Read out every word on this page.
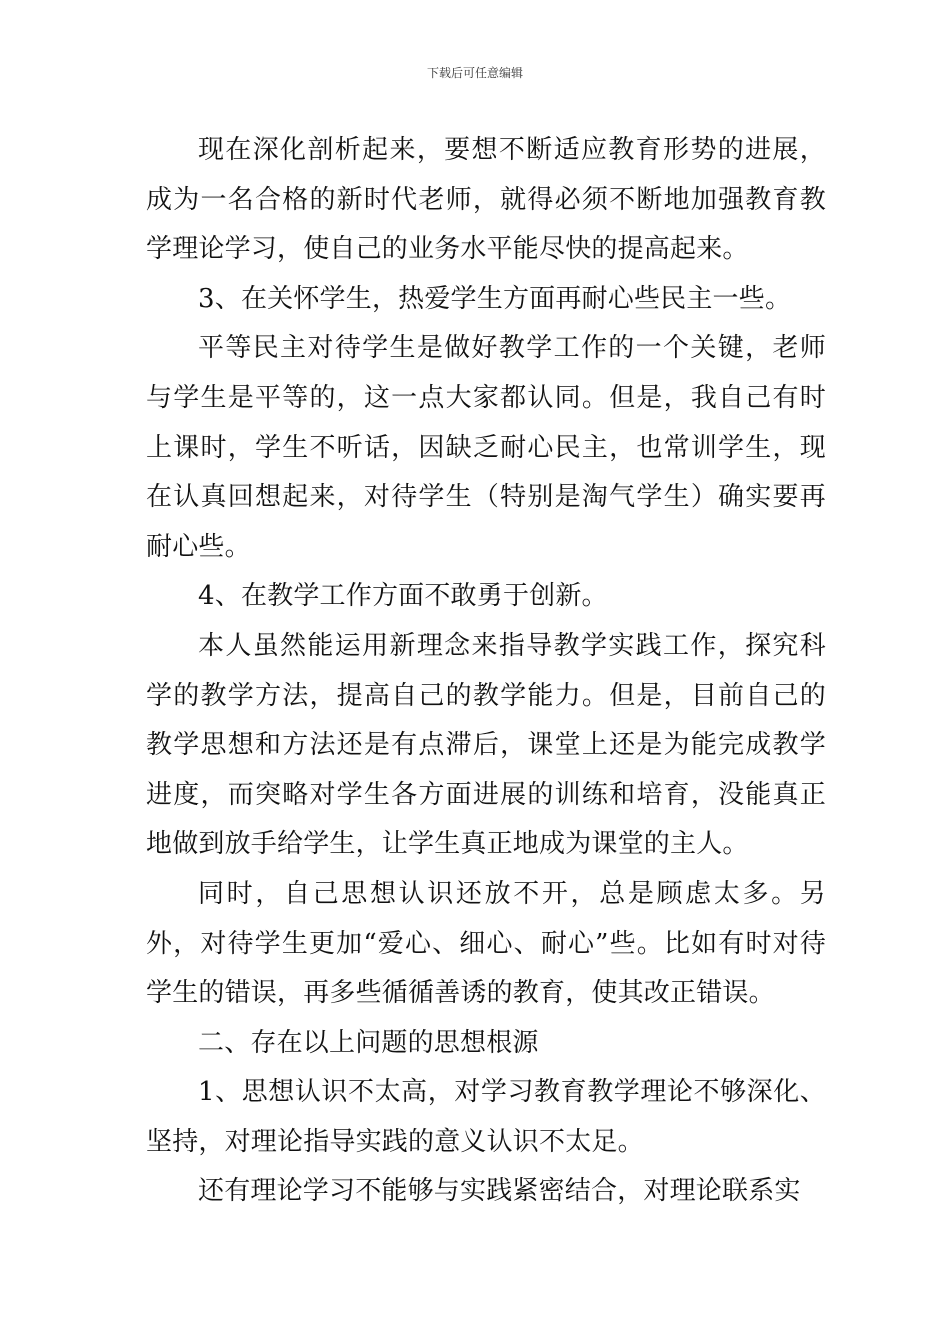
下载后可任意编辑

现在深化剖析起来，要想不断适应教育形势的进展，成为一名合格的新时代老师，就得必须不断地加强教育教学理论学习，使自己的业务水平能尽快的提高起来。

3、在关怀学生，热爱学生方面再耐心些民主一些。

平等民主对待学生是做好教学工作的一个关键，老师与学生是平等的，这一点大家都认同。但是，我自己有时上课时，学生不听话，因缺乏耐心民主，也常训学生，现在认真回想起来，对待学生（特别是淘气学生）确实要再耐心些。

4、在教学工作方面不敢勇于创新。

本人虽然能运用新理念来指导教学实践工作，探究科学的教学方法，提高自己的教学能力。但是，目前自己的教学思想和方法还是有点滞后，课堂上还是为能完成教学进度，而突略对学生各方面进展的训练和培育，没能真正地做到放手给学生，让学生真正地成为课堂的主人。

同时，自己思想认识还放不开，总是顾虑太多。另外，对待学生更加“爱心、细心、耐心”些。比如有时对待学生的错误，再多些循循善诱的教育，使其改正错误。

二、存在以上问题的思想根源

1、思想认识不太高，对学习教育教学理论不够深化、坚持，对理论指导实践的意义认识不太足。

还有理论学习不能够与实践紧密结合，对理论联系实
